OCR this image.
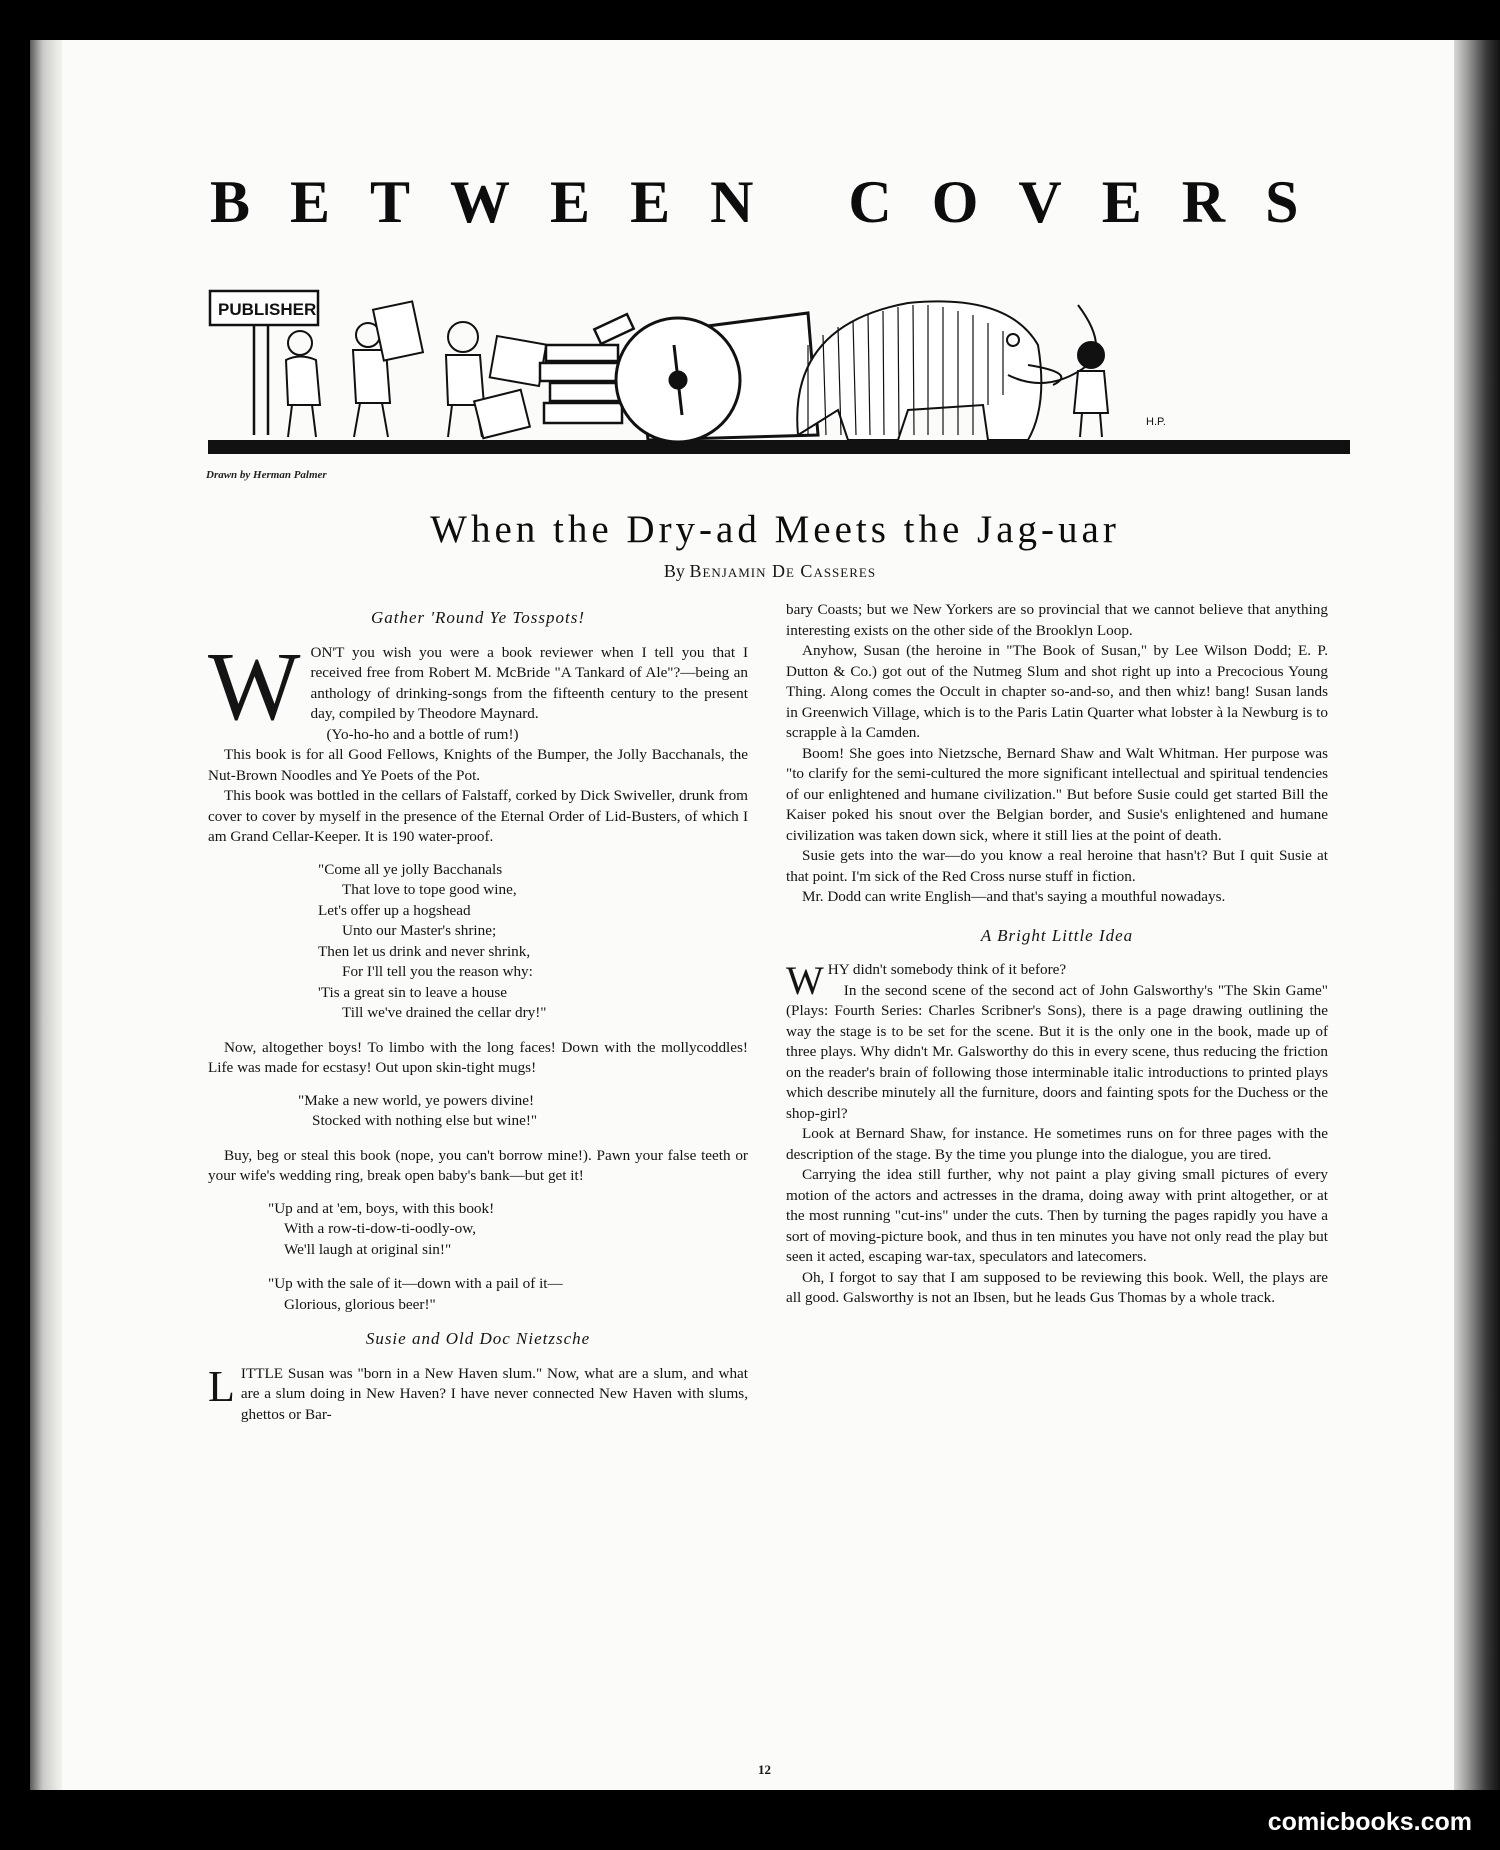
BETWEEN COVERS
PUBLISHER
H.P.
Drawn by Herman Palmer
When the Dry-ad Meets the Jag-uar
By Benjamin De Casseres
Gather 'Round Ye Tosspots!
W ON'T you wish you were a book reviewer when I tell you that I received free from Robert M. McBride "A Tankard of Ale"?—being an anthology of drinking-songs from the fifteenth century to the present day, compiled by Theodore Maynard.

(Yo-ho-ho and a bottle of rum!)

This book is for all Good Fellows, Knights of the Bumper, the Jolly Bacchanals, the Nut-Brown Noodles and Ye Poets of the Pot.

This book was bottled in the cellars of Falstaff, corked by Dick Swiveller, drunk from cover to cover by myself in the presence of the Eternal Order of Lid-Busters, of which I am Grand Cellar-Keeper. It is 190 water-proof.

"Come all ye jolly Bacchanals
That love to tope good wine,
Let's offer up a hogshead
Unto our Master's shrine;
Then let us drink and never shrink,
For I'll tell you the reason why:
'Tis a great sin to leave a house
Till we've drained the cellar dry!"

Now, altogether boys! To limbo with the long faces! Down with the mollycoddles! Life was made for ecstasy! Out upon skin-tight mugs!

"Make a new world, ye powers divine!
Stocked with nothing else but wine!"

Buy, beg or steal this book (nope, you can't borrow mine!). Pawn your false teeth or your wife's wedding ring, break open baby's bank—but get it!

"Up and at 'em, boys, with this book!
With a row-ti-dow-ti-oodly-ow,
We'll laugh at original sin!"
"Up with the sale of it—down with a pail of it—
Glorious, glorious beer!"
Susie and Old Doc Nietzsche
L ITTLE Susan was "born in a New Haven slum." Now, what are a slum, and what are a slum doing in New Haven? I have never connected New Haven with slums, ghettos or Bar-

bary Coasts; but we New Yorkers are so provincial that we cannot believe that anything interesting exists on the other side of the Brooklyn Loop.

Anyhow, Susan (the heroine in "The Book of Susan," by Lee Wilson Dodd; E. P. Dutton & Co.) got out of the Nutmeg Slum and shot right up into a Precocious Young Thing. Along comes the Occult in chapter so-and-so, and then whiz! bang! Susan lands in Greenwich Village, which is to the Paris Latin Quarter what lobster à la Newburg is to scrapple à la Camden.

Boom! She goes into Nietzsche, Bernard Shaw and Walt Whitman. Her purpose was "to clarify for the semi-cultured the more significant intellectual and spiritual tendencies of our enlightened and humane civilization." But before Susie could get started Bill the Kaiser poked his snout over the Belgian border, and Susie's enlightened and humane civilization was taken down sick, where it still lies at the point of death.

Susie gets into the war—do you know a real heroine that hasn't? But I quit Susie at that point. I'm sick of the Red Cross nurse stuff in fiction.

Mr. Dodd can write English—and that's saying a mouthful nowadays.

A Bright Little Idea
W HY didn't somebody think of it before?

In the second scene of the second act of John Galsworthy's "The Skin Game" (Plays: Fourth Series: Charles Scribner's Sons), there is a page drawing outlining the way the stage is to be set for the scene. But it is the only one in the book, made up of three plays. Why didn't Mr. Galsworthy do this in every scene, thus reducing the friction on the reader's brain of following those interminable italic introductions to printed plays which describe minutely all the furniture, doors and fainting spots for the Duchess or the shop-girl?

Look at Bernard Shaw, for instance. He sometimes runs on for three pages with the description of the stage. By the time you plunge into the dialogue, you are tired.

Carrying the idea still further, why not paint a play giving small pictures of every motion of the actors and actresses in the drama, doing away with print altogether, or at the most running "cut-ins" under the cuts. Then by turning the pages rapidly you have a sort of moving-picture book, and thus in ten minutes you have not only read the play but seen it acted, escaping war-tax, speculators and latecomers.

Oh, I forgot to say that I am supposed to be reviewing this book. Well, the plays are all good. Galsworthy is not an Ibsen, but he leads Gus Thomas by a whole track.

12
comicbooks.com
